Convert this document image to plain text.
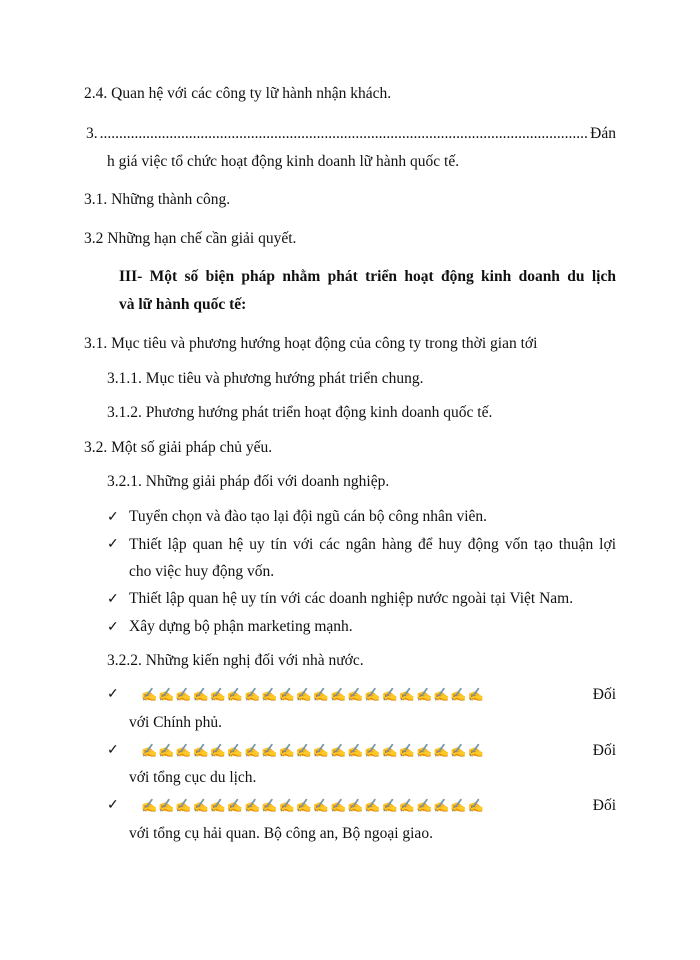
2.4. Quan hệ với các công ty lữ hành nhận khách.
3. .............................................................................................................................. Đán
h giá việc tổ chức hoạt động kinh doanh lữ hành quốc tế.
3.1. Những thành công.
3.2 Những hạn chế cần giải quyết.
III- Một số biện pháp nhằm phát triển hoạt động kinh doanh du lịch
và lữ hành quốc tế:
3.1. Mục tiêu và phương hướng hoạt động của công ty trong thời gian tới
3.1.1. Mục tiêu và phương hướng phát triển chung.
3.1.2. Phương hướng phát triển hoạt động kinh doanh quốc tế.
3.2. Một số giải pháp chủ yếu.
3.2.1. Những giải pháp đối với doanh nghiệp.
✓ Tuyển chọn và đào tạo lại đội ngũ cán bộ công nhân viên.
✓ Thiết lập quan hệ uy tín với các ngân hàng để huy động vốn tạo thuận lợi
cho việc huy động vốn.
✓ Thiết lập quan hệ uy tín với các doanh nghiệp nước ngoài tại Việt Nam.
✓ Xây dựng bộ phận marketing mạnh.
3.2.2. Những kiến nghị đối với nhà nước.
✓	✍✍✍✍✍✍✍✍✍✍✍✍✍✍✍✍✍✍✍✍	Đối
với Chính phủ.
✓	✍✍✍✍✍✍✍✍✍✍✍✍✍✍✍✍✍✍✍✍	Đối
với tổng cục du lịch.
✓	✍✍✍✍✍✍✍✍✍✍✍✍✍✍✍✍✍✍✍✍	Đối
với tổng cụ hải quan. Bộ công an, Bộ ngoại giao.
